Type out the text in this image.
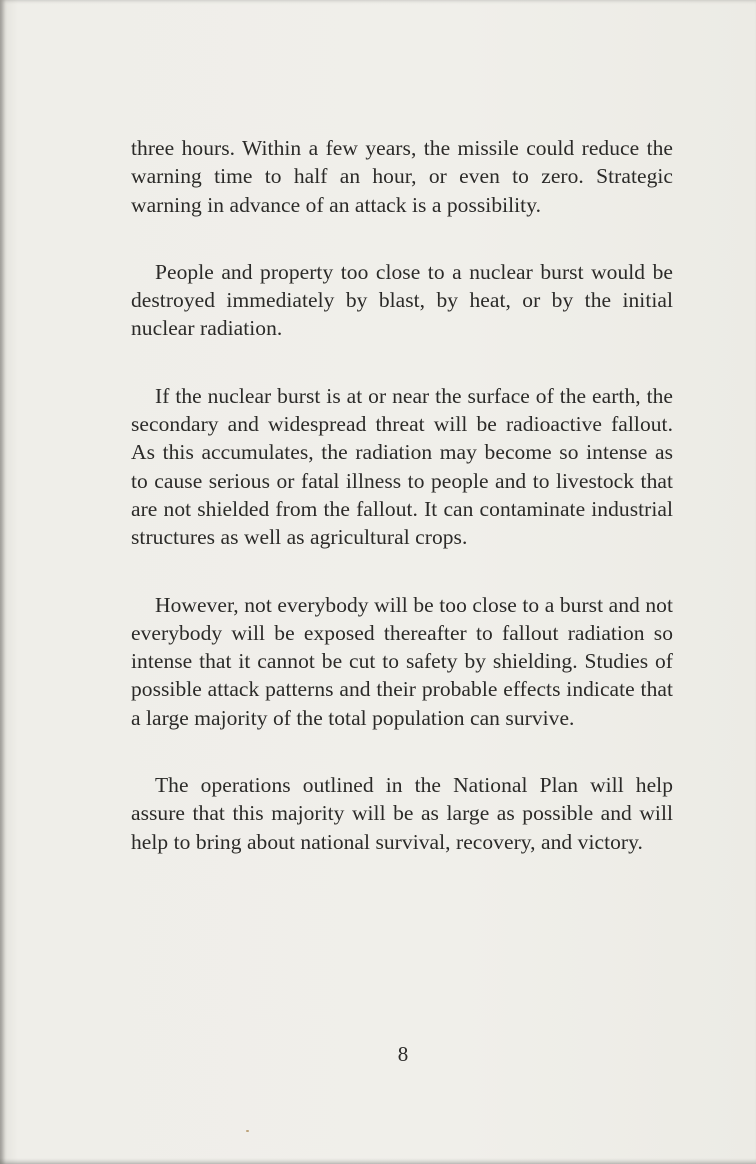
three hours. Within a few years, the missile could reduce the warning time to half an hour, or even to zero. Strategic warning in advance of an attack is a possibility.

People and property too close to a nuclear burst would be destroyed immediately by blast, by heat, or by the initial nuclear radiation.

If the nuclear burst is at or near the surface of the earth, the secondary and widespread threat will be radioactive fallout. As this accumulates, the radiation may become so intense as to cause serious or fatal illness to people and to livestock that are not shielded from the fallout. It can contaminate industrial structures as well as agricultural crops.

However, not everybody will be too close to a burst and not everybody will be exposed thereafter to fallout radiation so intense that it cannot be cut to safety by shielding. Studies of possible attack patterns and their probable effects indicate that a large majority of the total population can survive.

The operations outlined in the National Plan will help assure that this majority will be as large as possible and will help to bring about national survival, recovery, and victory.

8
